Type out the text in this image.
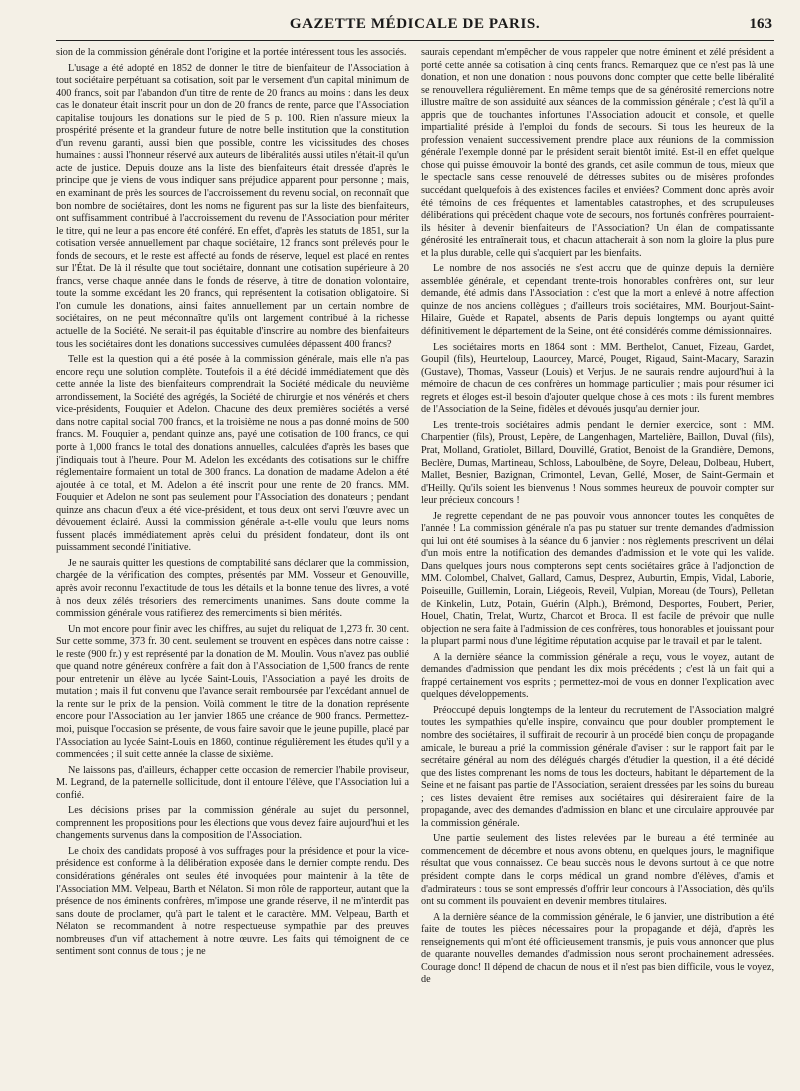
GAZETTE MÉDICALE DE PARIS.	163

sion de la commission générale dont l'origine et la portée intéressent tous les associés.

L'usage a été adopté en 1852 de donner le titre de bienfaiteur de l'Association à tout sociétaire perpétuant sa cotisation, soit par le versement d'un capital minimum de 400 francs, soit par l'abandon d'un titre de rente de 20 francs au moins : dans les deux cas le donateur était inscrit pour un don de 20 francs de rente, parce que l'Association capitalise toujours les donations sur le pied de 5 p. 100. Rien n'assure mieux la prospérité présente et la grandeur future de notre belle institution que la constitution d'un revenu garanti, aussi bien que possible, contre les vicissitudes des choses humaines : aussi l'honneur réservé aux auteurs de libéralités aussi utiles n'était-il qu'un acte de justice. Depuis douze ans la liste des bienfaiteurs était dressée d'après le principe que je viens de vous indiquer sans préjudice apparent pour personne ; mais, en examinant de près les sources de l'accroissement du revenu social, on reconnaît que bon nombre de sociétaires, dont les noms ne figurent pas sur la liste des bienfaiteurs, ont suffisamment contribué à l'accroissement du revenu de l'Association pour mériter le titre, qui ne leur a pas encore été conféré. En effet, d'après les statuts de 1851, sur la cotisation versée annuellement par chaque sociétaire, 12 francs sont prélevés pour le fonds de secours, et le reste est affecté au fonds de réserve, lequel est placé en rentes sur l'État. De là il résulte que tout sociétaire, donnant une cotisation supérieure à 20 francs, verse chaque année dans le fonds de réserve, à titre de donation volontaire, toute la somme excédant les 20 francs, qui représentent la cotisation obligatoire. Si l'on cumule les donations, ainsi faites annuellement par un certain nombre de sociétaires, on ne peut méconnaître qu'ils ont largement contribué à la richesse actuelle de la Société. Ne serait-il pas équitable d'inscrire au nombre des bienfaiteurs tous les sociétaires dont les donations successives cumulées dépassent 400 francs?

Telle est la question qui a été posée à la commission générale, mais elle n'a pas encore reçu une solution complète. Toutefois il a été décidé immédiatement que dès cette année la liste des bienfaiteurs comprendrait la Société médicale du neuvième arrondissement, la Société des agrégés, la Société de chirurgie et nos vénérés et chers vice-présidents, Fouquier et Adelon. Chacune des deux premières sociétés a versé dans notre capital social 700 francs, et la troisième ne nous a pas donné moins de 500 francs. M. Fouquier a, pendant quinze ans, payé une cotisation de 100 francs, ce qui porte à 1,000 francs le total des donations annuelles, calculées d'après les bases que j'indiquais tout à l'heure. Pour M. Adelon les excédants des cotisations sur le chiffre réglementaire formaient un total de 300 francs. La donation de madame Adelon a été ajoutée à ce total, et M. Adelon a été inscrit pour une rente de 20 francs. MM. Fouquier et Adelon ne sont pas seulement pour l'Association des donateurs ; pendant quinze ans chacun d'eux a été vice-président, et tous deux ont servi l'œuvre avec un dévouement éclairé. Aussi la commission générale a-t-elle voulu que leurs noms fussent placés immédiatement après celui du président fondateur, dont ils ont puissamment secondé l'initiative.

Je ne saurais quitter les questions de comptabilité sans déclarer que la commission, chargée de la vérification des comptes, présentés par MM. Vosseur et Genouville, après avoir reconnu l'exactitude de tous les détails et la bonne tenue des livres, a voté à nos deux zélés trésoriers des remerciments unanimes. Sans doute comme la commission générale vous ratifierez des remerciments si bien mérités.

Un mot encore pour finir avec les chiffres, au sujet du reliquat de 1,273 fr. 30 cent. Sur cette somme, 373 fr. 30 cent. seulement se trouvent en espèces dans notre caisse : le reste (900 fr.) y est représenté par la donation de M. Moulin. Vous n'avez pas oublié que quand notre généreux confrère a fait don à l'Association de 1,500 francs de rente pour entretenir un élève au lycée Saint-Louis, l'Association a payé les droits de mutation ; mais il fut convenu que l'avance serait remboursée par l'excédant annuel de la rente sur le prix de la pension. Voilà comment le titre de la donation représente encore pour l'Association au 1er janvier 1865 une créance de 900 francs. Permettez-moi, puisque l'occasion se présente, de vous faire savoir que le jeune pupille, placé par l'Association au lycée Saint-Louis en 1860, continue régulièrement les études qu'il y a commencées ; il suit cette année la classe de sixième.

Ne laissons pas, d'ailleurs, échapper cette occasion de remercier l'habile proviseur, M. Legrand, de la paternelle sollicitude, dont il entoure l'élève, que l'Association lui a confié.

Les décisions prises par la commission générale au sujet du personnel, comprennent les propositions pour les élections que vous devez faire aujourd'hui et les changements survenus dans la composition de l'Association.

Le choix des candidats proposé à vos suffrages pour la présidence et pour la vice-présidence est conforme à la délibération exposée dans le dernier compte rendu. Des considérations générales ont seules été invoquées pour maintenir à la tête de l'Association MM. Velpeau, Barth et Nélaton. Si mon rôle de rapporteur, autant que la présence de nos éminents confrères, m'impose une grande réserve, il ne m'interdit pas sans doute de proclamer, qu'à part le talent et le caractère. MM. Velpeau, Barth et Nélaton se recommandent à notre respectueuse sympathie par des preuves nombreuses d'un vif attachement à notre œuvre. Les faits qui témoignent de ce sentiment sont connus de tous ; je ne

saurais cependant m'empêcher de vous rappeler que notre éminent et zélé président a porté cette année sa cotisation à cinq cents francs. Remarquez que ce n'est pas là une donation, et non une donation : nous pouvons donc compter que cette belle libéralité se renouvellera régulièrement. En même temps que de sa générosité remercions notre illustre maître de son assiduité aux séances de la commission générale ; c'est là qu'il a appris que de touchantes infortunes l'Association adoucit et console, et quelle impartialité préside à l'emploi du fonds de secours. Si tous les heureux de la profession venaient successivement prendre place aux réunions de la commission générale l'exemple donné par le président serait bientôt imité. Est-il en effet quelque chose qui puisse émouvoir la bonté des grands, cet asile commun de tous, mieux que le spectacle sans cesse renouvelé de détresses subites ou de misères profondes succédant quelquefois à des existences faciles et enviées? Comment donc après avoir été témoins de ces fréquentes et lamentables catastrophes, et des scrupuleuses délibérations qui précèdent chaque vote de secours, nos fortunés confrères pourraient-ils hésiter à devenir bienfaiteurs de l'Association? Un élan de compatissante générosité les entraînerait tous, et chacun attacherait à son nom la gloire la plus pure et la plus durable, celle qui s'acquiert par les bienfaits.

Le nombre de nos associés ne s'est accru que de quinze depuis la dernière assemblée générale, et cependant trente-trois honorables confrères ont, sur leur demande, été admis dans l'Association : c'est que la mort a enlevé à notre affection quinze de nos anciens collègues ; d'ailleurs trois sociétaires, MM. Bourjout-Saint-Hilaire, Guède et Rapatel, absents de Paris depuis longtemps ou ayant quitté définitivement le département de la Seine, ont été considérés comme démissionnaires.

Les sociétaires morts en 1864 sont : MM. Berthelot, Canuet, Fizeau, Gardet, Goupil (fils), Heurteloup, Laourcey, Marcé, Pouget, Rigaud, Saint-Macary, Sarazin (Gustave), Thomas, Vasseur (Louis) et Verjus. Je ne saurais rendre aujourd'hui à la mémoire de chacun de ces confrères un hommage particulier ; mais pour résumer ici regrets et éloges est-il besoin d'ajouter quelque chose à ces mots : ils furent membres de l'Association de la Seine, fidèles et dévoués jusqu'au dernier jour.

Les trente-trois sociétaires admis pendant le dernier exercice, sont : MM. Charpentier (fils), Proust, Lepère, de Langenhagen, Martelière, Baillon, Duval (fils), Prat, Molland, Gratiolet, Billard, Douvillé, Gratiot, Benoist de la Grandière, Demons, Beclère, Dumas, Martineau, Schloss, Laboulbène, de Soyre, Deleau, Dolbeau, Hubert, Mallet, Besnier, Bazignan, Crimontel, Levan, Gellé, Moser, de Saint-Germain et d'Heilly. Qu'ils soient les bienvenus ! Nous sommes heureux de pouvoir compter sur leur précieux concours !

Je regrette cependant de ne pas pouvoir vous annoncer toutes les conquêtes de l'année ! La commission générale n'a pas pu statuer sur trente demandes d'admission qui lui ont été soumises à la séance du 6 janvier : nos règlements prescrivent un délai d'un mois entre la notification des demandes d'admission et le vote qui les valide. Dans quelques jours nous compterons sept cents sociétaires grâce à l'adjonction de MM. Colombel, Chalvet, Gallard, Camus, Desprez, Auburtin, Empis, Vidal, Laborie, Poiseuille, Guillemin, Lorain, Liégeois, Reveil, Vulpian, Moreau (de Tours), Pelletan de Kinkelin, Lutz, Potain, Guérin (Alph.), Brémond, Desportes, Foubert, Perier, Houel, Chatin, Trelat, Wurtz, Charcot et Broca. Il est facile de prévoir que nulle objection ne sera faite à l'admission de ces confrères, tous honorables et jouissant pour la plupart parmi nous d'une légitime réputation acquise par le travail et par le talent.

A la dernière séance la commission générale a reçu, vous le voyez, autant de demandes d'admission que pendant les dix mois précédents ; c'est là un fait qui a frappé certainement vos esprits ; permettez-moi de vous en donner l'explication avec quelques développements.

Préoccupé depuis longtemps de la lenteur du recrutement de l'Association malgré toutes les sympathies qu'elle inspire, convaincu que pour doubler promptement le nombre des sociétaires, il suffirait de recourir à un procédé bien conçu de propagande amicale, le bureau a prié la commission générale d'aviser : sur le rapport fait par le secrétaire général au nom des délégués chargés d'étudier la question, il a été décidé que des listes comprenant les noms de tous les docteurs, habitant le département de la Seine et ne faisant pas partie de l'Association, seraient dressées par les soins du bureau ; ces listes devaient être remises aux sociétaires qui désireraient faire de la propagande, avec des demandes d'admission en blanc et une circulaire approuvée par la commission générale.

Une partie seulement des listes relevées par le bureau a été terminée au commencement de décembre et nous avons obtenu, en quelques jours, le magnifique résultat que vous connaissez. Ce beau succès nous le devons surtout à ce que notre président compte dans le corps médical un grand nombre d'élèves, d'amis et d'admirateurs : tous se sont empressés d'offrir leur concours à l'Association, dès qu'ils ont su comment ils pouvaient en devenir membres titulaires.

A la dernière séance de la commission générale, le 6 janvier, une distribution a été faite de toutes les pièces nécessaires pour la propagande et déjà, d'après les renseignements qui m'ont été officieusement transmis, je puis vous annoncer que plus de quarante nouvelles demandes d'admission nous seront prochainement adressées. Courage donc! Il dépend de chacun de nous et il n'est pas bien difficile, vous le voyez, de
